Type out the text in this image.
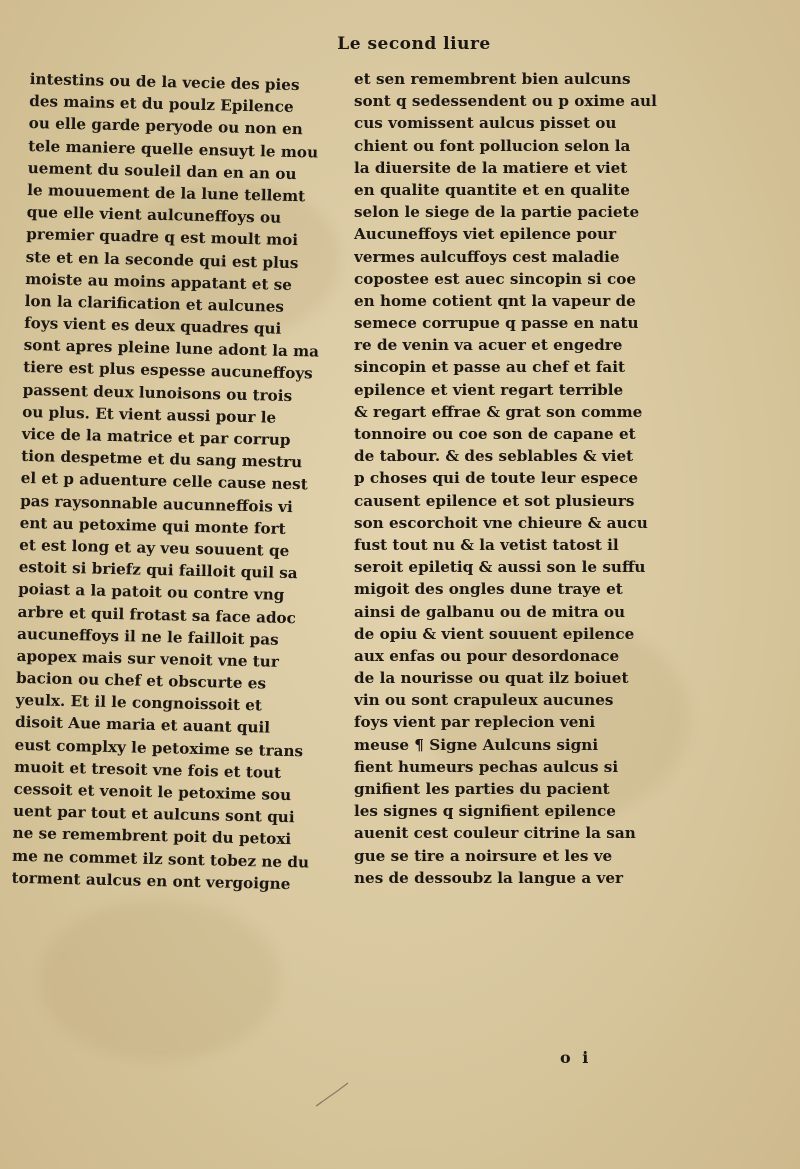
Le second liure
intestins ou de la vecie des pies
des mains et du poulz Epilence
ou elle garde peryode ou non en
tele maniere quelle ensuyt le mou
uement du souleil dan en an ou
le mouuement de la lune tellemt
que elle vient aulcuneffoys ou
premier quadre q est moult moi
ste et en la seconde qui est plus
moiste au moins appatant et se
lon la clarification et aulcunes
foys vient es deux quadres qui
sont apres pleine lune adont la ma
tiere est plus espesse aucuneffoys
passent deux lunoisons ou trois
ou plus. Et vient aussi pour le
vice de la matrice et par corrup
tion despetme et du sang mestru
el et p aduenture celle cause nest
pas raysonnable aucunneffois vi
ent au petoxime qui monte fort
et est long et ay veu souuent qe
estoit si briefz qui failloit quil sa
poiast a la patoit ou contre vng
arbre et quil frotast sa face adoc
aucuneffoys il ne le failloit pas
apopex mais sur venoit vne tur
bacion ou chef et obscurte es
yeulx. Et il le congnoissoit et
disoit Aue maria et auant quil
eust complxy le petoxime se trans
muoit et tresoit vne fois et tout
cessoit et venoit le petoxime sou
uent par tout et aulcuns sont qui
ne se remembrent poit du petoxi
me ne commet ilz sont tobez ne du
torment aulcus en ont vergoigne
et sen remembrent bien aulcuns
sont q sedessendent ou p oxime aul
cus vomissent aulcus pisset ou
chient ou font pollucion selon la
la diuersite de la matiere et viet
en qualite quantite et en qualite
selon le siege de la partie paciete
Aucuneffoys viet epilence pour
vermes aulcuffoys cest maladie
copostee est auec sincopin si coe
en home cotient qnt la vapeur de
semece corrupue q passe en natu
re de venin va acuer et engedre
sincopin et passe au chef et fait
epilence et vient regart terrible
& regart effrae & grat son comme
tonnoire ou coe son de capane et
de tabour. & des seblables & viet
p choses qui de toute leur espece
causent epilence et sot plusieurs
son escorchoit vne chieure & aucu
fust tout nu & la vetist tatost il
seroit epiletiq & aussi son le suffu
migoit des ongles dune traye et
ainsi de galbanu ou de mitra ou
de opiu & vient souuent epilence
aux enfas ou pour desordonace
de la nourisse ou quat ilz boiuet
vin ou sont crapuleux aucunes
foys vient par replecion veni
meuse ¶ Signe Aulcuns signi
fient humeurs pechas aulcus si
gnifient les parties du pacient
les signes q signifient epilence
auenit cest couleur citrine la san
gue se tire a noirsure et les ve
nes de dessoubz la langue a ver
o i
